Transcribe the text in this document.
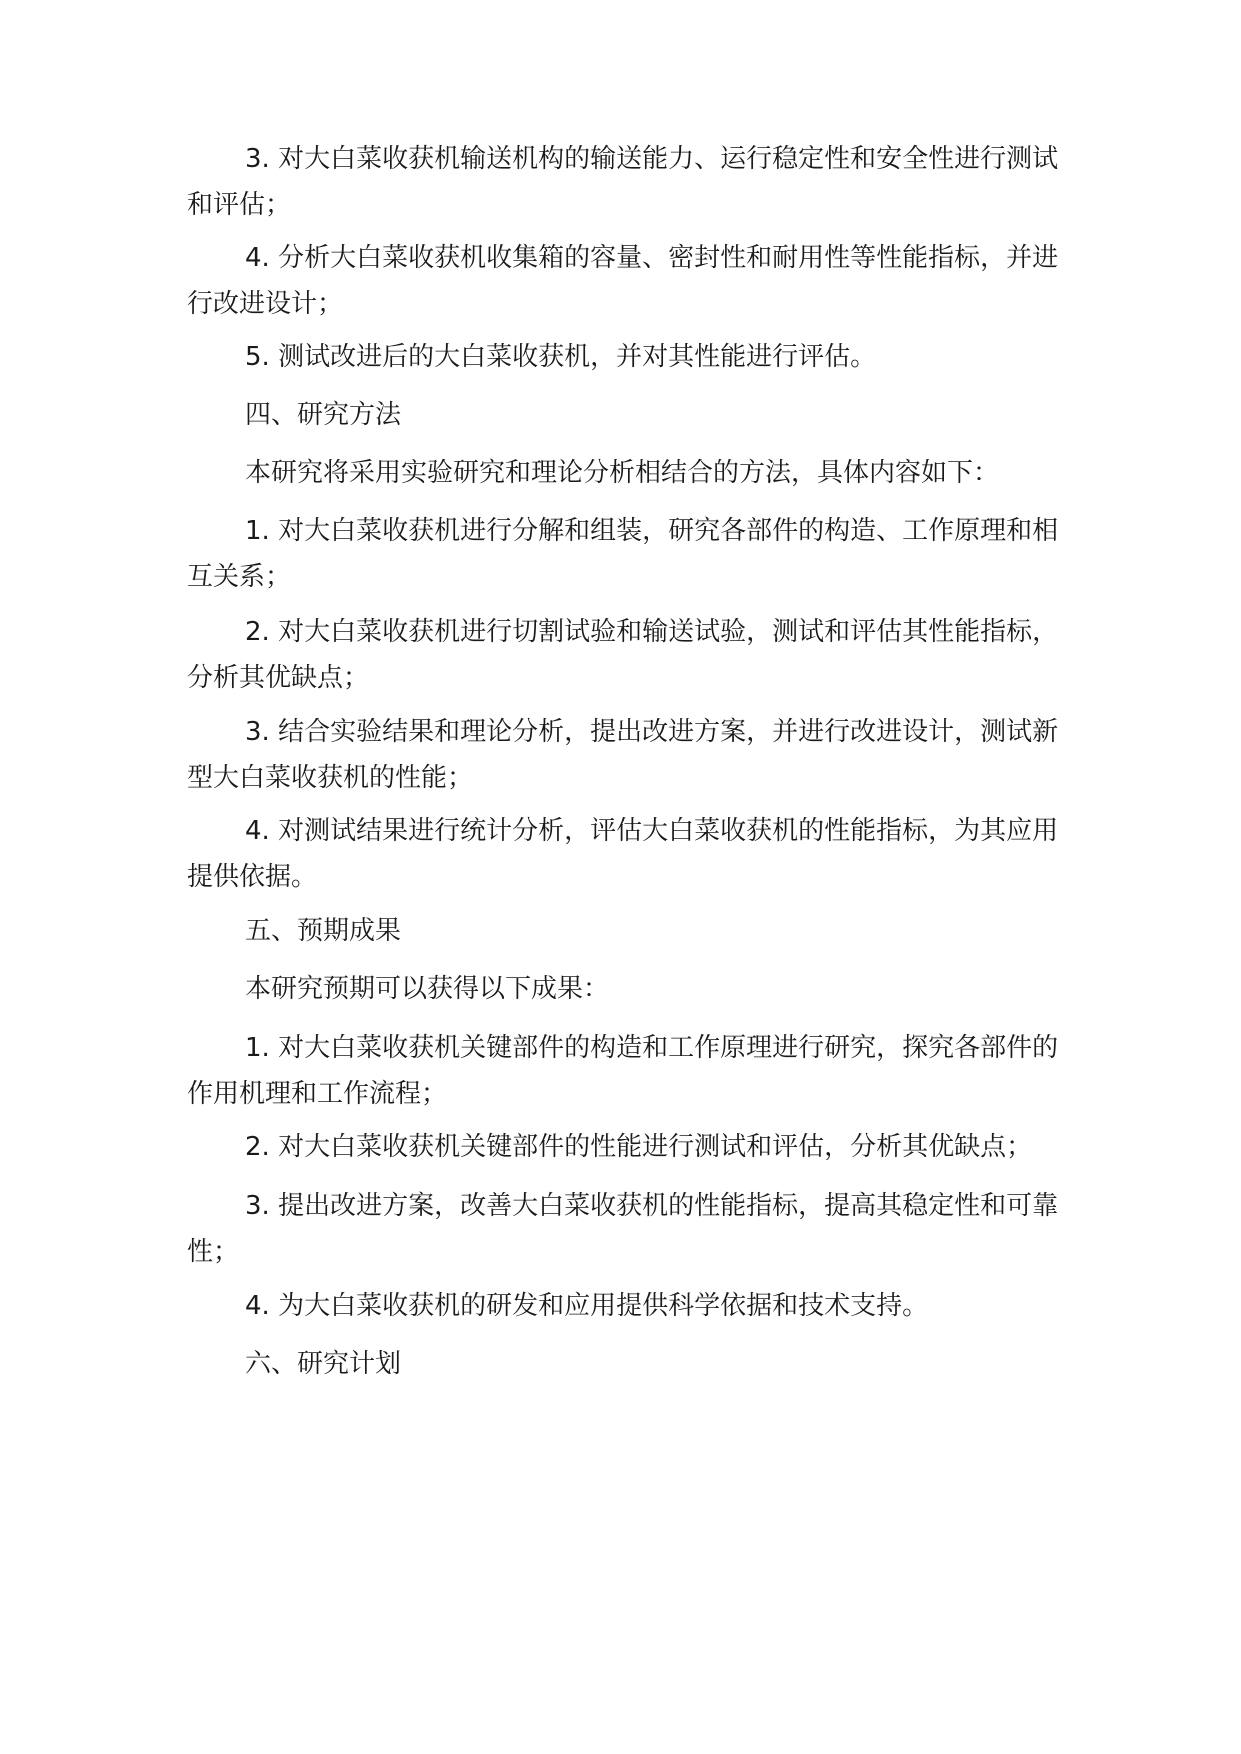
3. 对大白菜收获机输送机构的输送能力、运行稳定性和安全性进行测试和评估；

4. 分析大白菜收获机收集箱的容量、密封性和耐用性等性能指标，并进行改进设计；

5. 测试改进后的大白菜收获机，并对其性能进行评估。

四、研究方法

本研究将采用实验研究和理论分析相结合的方法，具体内容如下：

1. 对大白菜收获机进行分解和组装，研究各部件的构造、工作原理和相互关系；

2. 对大白菜收获机进行切割试验和输送试验，测试和评估其性能指标，分析其优缺点；

3. 结合实验结果和理论分析，提出改进方案，并进行改进设计，测试新型大白菜收获机的性能；

4. 对测试结果进行统计分析，评估大白菜收获机的性能指标，为其应用提供依据。

五、预期成果

本研究预期可以获得以下成果：

1. 对大白菜收获机关键部件的构造和工作原理进行研究，探究各部件的作用机理和工作流程；

2. 对大白菜收获机关键部件的性能进行测试和评估，分析其优缺点；

3. 提出改进方案，改善大白菜收获机的性能指标，提高其稳定性和可靠性；

4. 为大白菜收获机的研发和应用提供科学依据和技术支持。

六、研究计划
